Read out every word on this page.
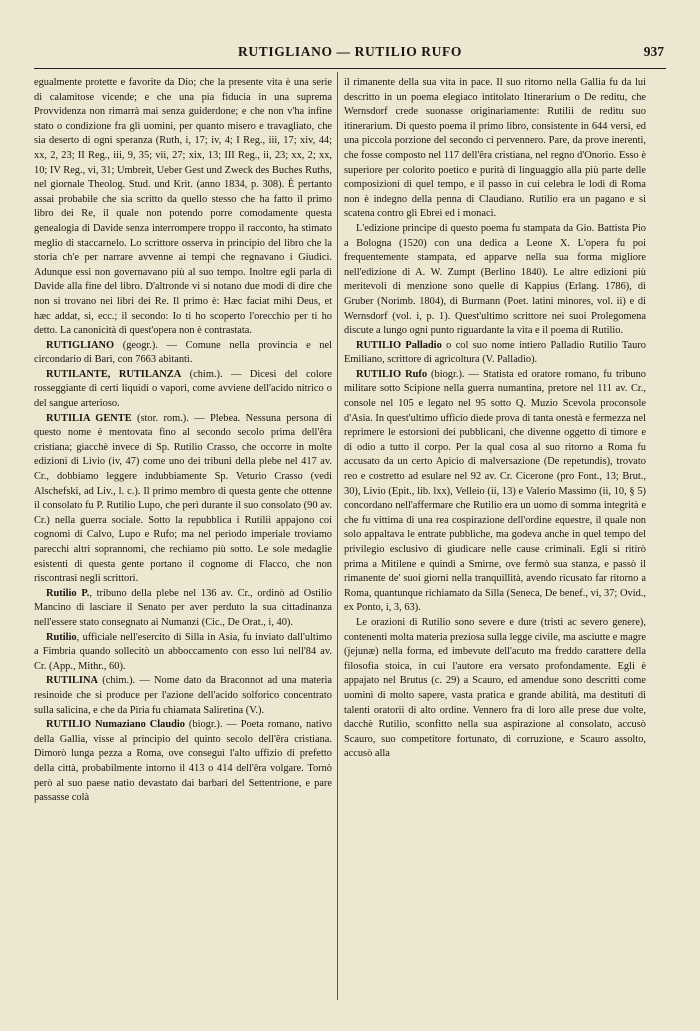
RUTIGLIANO — RUTILIO RUFO	937

egualmente protette e favorite da Dio; che la presente vita è una serie di calamitose vicende; e che una pia fiducia in una suprema Provvidenza non rimarrà mai senza guiderdone; e che non v'ha infine stato o condizione fra gli uomini, per quanto misero e travagliato, che sia deserto di ogni speranza (Ruth, i, 17; iv, 4; I Reg., iii, 17; xiv, 44; xx, 2, 23; II Reg., iii, 9, 35; vii, 27; xix, 13; III Reg., ii, 23; xx, 2; xx, 10; IV Reg., vi, 31; Umbreit, Ueber Gest und Zweck des Buches Ruths, nel giornale Theolog. Stud. und Krit. (anno 1834, p. 308). È pertanto assai probabile che sia scritto da quello stesso che ha fatto il primo libro dei Re, il quale non potendo porre comodamente questa genealogia di Davide senza interrompere troppo il racconto, ha stimato meglio di staccarnelo. Lo scrittore osserva in principio del libro che la storia ch'e per narrare avvenne ai tempi che regnavano i Giudici. Adunque essi non governavano più al suo tempo. Inoltre egli parla di Davide alla fine del libro. D'altronde vi si notano due modi di dire che non si trovano nei libri dei Re. Il primo è: Hæc faciat mihi Deus, et hæc addat, si, ecc.; il secondo: Io ti ho scoperto l'orecchio per ti ho detto. La canonicità di quest'opera non è contrastata.

RUTIGLIANO (geogr.). — Comune nella provincia e nel circondario di Bari, con 7663 abitanti.

RUTILANTE, RUTILANZA (chim.). — Dicesi del colore rosseggiante di certi liquidi o vapori, come avviene dell'acido nitrico o del sangue arterioso.

RUTILIA GENTE (stor. rom.). — Plebea. Nessuna persona di questo nome è mentovata fino al secondo secolo prima dell'êra cristiana; giacchè invece di Sp. Rutilio Crasso, che occorre in molte edizioni di Livio (iv, 47) come uno dei tribuni della plebe nel 417 av. Cr., dobbiamo leggere indubbiamente Sp. Veturio Crasso (vedi Alschefski, ad Liv., l. c.). Il primo membro di questa gente che ottenne il consolato fu P. Rutilio Lupo, che perì durante il suo consolato (90 av. Cr.) nella guerra sociale. Sotto la repubblica i Rutilii appajono coi cognomi di Calvo, Lupo e Rufo; ma nel periodo imperiale troviamo parecchi altri soprannomi, che rechiamo più sotto. Le sole medaglie esistenti di questa gente portano il cognome di Flacco, che non riscontrasi negli scrittori.

Rutilio P., tribuno della plebe nel 136 av. Cr., ordinò ad Ostilio Mancino di lasciare il Senato per aver perduto la sua cittadinanza nell'essere stato consegnato ai Numanzi (Cic., De Orat., i, 40).

Rutilio, ufficiale nell'esercito di Silla in Asia, fu inviato dall'ultimo a Fimbria quando sollecitò un abboccamento con esso lui nell'84 av. Cr. (App., Mithr., 60).

RUTILINA (chim.). — Nome dato da Braconnot ad una materia resinoide che si produce per l'azione dell'acido solforico concentrato sulla salicina, e che da Piria fu chiamata Saliretina (V.).

RUTILIO Numaziano Claudio (biogr.). — Poeta romano, nativo della Gallia, visse al principio del quinto secolo dell'êra cristiana. Dimorò lunga pezza a Roma, ove conseguì l'alto uffizio di prefetto della città, probabilmente intorno il 413 o 414 dell'êra volgare. Tornò però al suo paese natìo devastato dai barbari del Settentrione, e pare passasse colà

il rimanente della sua vita in pace. Il suo ritorno nella Gallia fu da lui descritto in un poema elegiaco intitolato Itinerarium o De reditu, che Wernsdorf crede suonasse originariamente: Rutilii de reditu suo itinerarium. Di questo poema il primo libro, consistente in 644 versi, ed una piccola porzione del secondo ci pervennero. Pare, da prove inerenti, che fosse composto nel 117 dell'êra cristiana, nel regno d'Onorio. Esso è superiore per colorito poetico e purità di linguaggio alla più parte delle composizioni di quel tempo, e il passo in cui celebra le lodi di Roma non è indegno della penna di Claudiano. Rutilio era un pagano e si scatena contro gli Ebrei ed i monaci.

L'edizione principe di questo poema fu stampata da Gio. Battista Pio a Bologna (1520) con una dedica a Leone X. L'opera fu poi frequentemente stampata, ed apparve nella sua forma migliore nell'edizione di A. W. Zumpt (Berlino 1840). Le altre edizioni più meritevoli di menzione sono quelle di Kappius (Erlang. 1786), di Gruber (Norimb. 1804), di Burmann (Poet. latini minores, vol. ii) e di Wernsdorf (vol. i, p. 1). Quest'ultimo scrittore nei suoi Prolegomena discute a lungo ogni punto riguardante la vita e il poema di Rutilio.

RUTILIO Palladio o col suo nome intiero Palladio Rutilio Tauro Emiliano, scrittore di agricoltura (V. Palladio).

RUTILIO Rufo (biogr.). — Statista ed oratore romano, fu tribuno militare sotto Scipione nella guerra numantina, pretore nel 111 av. Cr., console nel 105 e legato nel 95 sotto Q. Muzio Scevola proconsole d'Asia. In quest'ultimo ufficio diede prova di tanta onestà e fermezza nel reprimere le estorsioni dei pubblicani, che divenne oggetto di timore e di odio a tutto il corpo. Per la qual cosa al suo ritorno a Roma fu accusato da un certo Apicio di malversazione (De repetundis), trovato reo e costretto ad esulare nel 92 av. Cr. Cicerone (pro Font., 13; Brut., 30), Livio (Epit., lib. lxx), Velleio (ii, 13) e Valerio Massimo (ii, 10, § 5) concordano nell'affermare che Rutilio era un uomo di somma integrità e che fu vittima di una rea cospirazione dell'ordine equestre, il quale non solo appaltava le entrate pubbliche, ma godeva anche in quel tempo del privilegio esclusivo di giudicare nelle cause criminali. Egli si ritirò prima a Mitilene e quindi a Smirne, ove fermò sua stanza, e passò il rimanente de' suoi giorni nella tranquillità, avendo ricusato far ritorno a Roma, quantunque richiamato da Silla (Seneca, De benef., vi, 37; Ovid., ex Ponto, i, 3, 63).

Le orazioni di Rutilio sono severe e dure (tristi ac severo genere), contenenti molta materia preziosa sulla legge civile, ma asciutte e magre (jejunæ) nella forma, ed imbevute dell'acuto ma freddo carattere della filosofia stoica, in cui l'autore era versato profondamente. Egli è appajato nel Brutus (c. 29) a Scauro, ed amendue sono descritti come uomini di molto sapere, vasta pratica e grande abilità, ma destituti di talenti oratorii di alto ordine. Vennero fra di loro alle prese due volte, dacchè Rutilio, sconfitto nella sua aspirazione al consolato, accusò Scauro, suo competitore fortunato, di corruzione, e Scauro assolto, accusò alla
